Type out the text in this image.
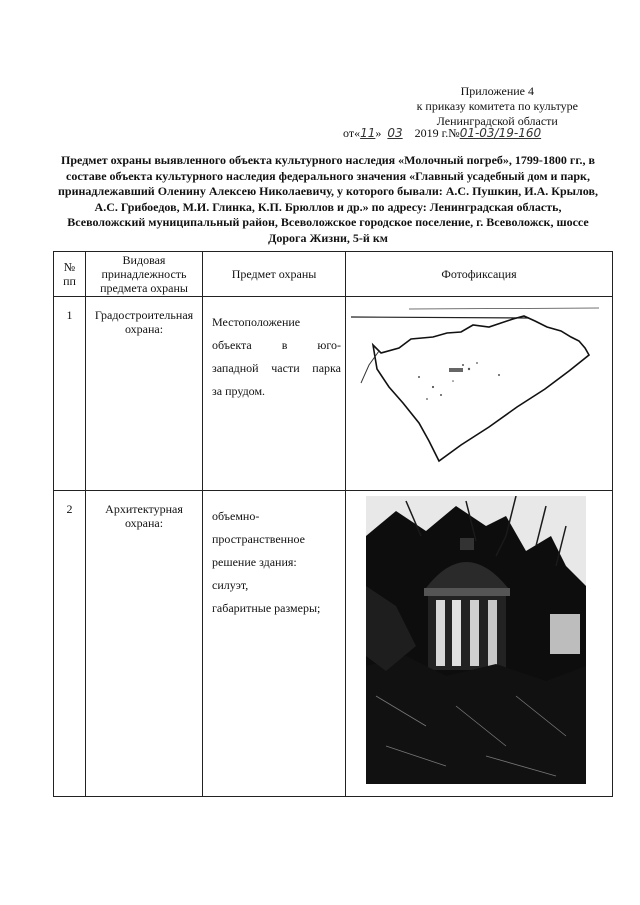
Приложение 4
к приказу комитета по культуре
Ленинградской области
от«11» 03 2019 г.№01-03/19-160
Предмет охраны выявленного объекта культурного наследия «Молочный погреб», 1799-1800 гг., в составе объекта культурного наследия федерального значения «Главный усадебный дом и парк, принадлежавший Оленину Алексею Николаевичу, у которого бывали: А.С. Пушкин, И.А. Крылов, А.С. Грибоедов, М.И. Глинка, К.П. Брюллов и др.» по адресу: Ленинградская область, Всеволожский муниципальный район, Всеволожское городское поселение, г. Всеволожск, шоссе Дорога Жизни, 5-й км
№
пп	Видовая
принадлежность
предмета охраны	Предмет охраны	Фотофиксация
1	Градостроительная охрана:	Местоположение
объекта в юго-
западной части парка
за прудом.

2	Архитектурная охрана:	объемно-
пространственное
решение здания:
силуэт,
габаритные размеры;
